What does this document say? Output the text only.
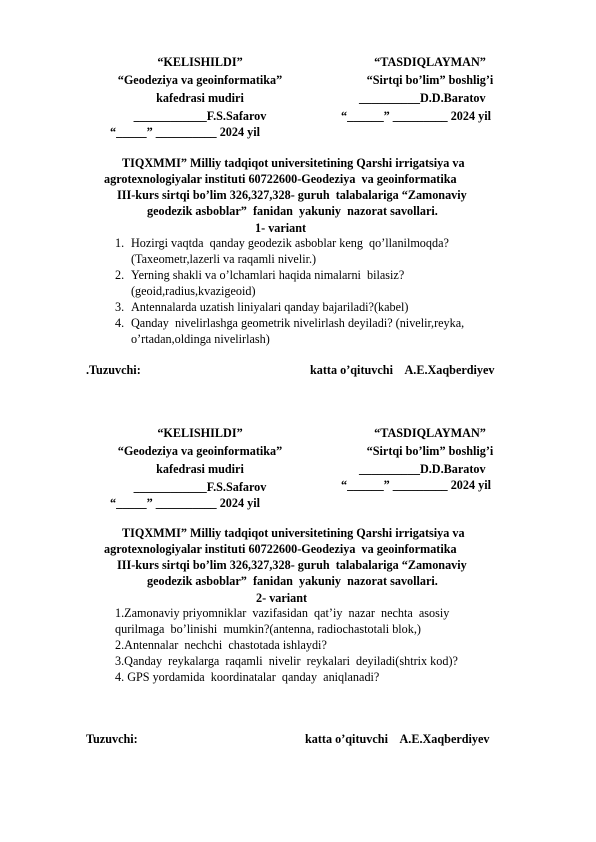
“KELISHILDI”
“Geodeziya va geoinformatika”
kafedrasi mudiri
____________F.S.Safarov
“_____” __________ 2024 yil
“TASDIQLAYMAN”
“Sirtqi bo’lim” boshlig’i
__________D.D.Baratov
“______” _________ 2024 yil
TIQXMMI” Milliy tadqiqot universitetining Qarshi irrigatsiya va
agrotexnologiyalar instituti 60722600-Geodeziya  va geoinformatika
III-kurs sirtqi bo’lim 326,327,328- guruh  talabalariga “Zamonaviy
geodezik asboblar”  fanidan  yakuniy  nazorat savollari.
1- variant
1. Hozirgi vaqtda  qanday geodezik asboblar keng  qo’llanilmoqda?
(Taxeometr,lazerli va raqamli nivelir.)
2. Yerning shakli va o’lchamlari haqida nimalarni  bilasiz?
(geoid,radius,kvazigeoid)
3. Antennalarda uzatish liniyalari qanday bajariladi?(kabel)
4. Qanday  nivelirlashga geometrik nivelirlash deyiladi? (nivelir,reyka,
o’rtadan,oldinga nivelirlash)
.Tuzuvchi:	katta o’qituvchi    A.E.Xaqberdiyev
“KELISHILDI”
“Geodeziya va geoinformatika”
kafedrasi mudiri
____________F.S.Safarov
“_____” __________ 2024 yil
“TASDIQLAYMAN”
“Sirtqi bo’lim” boshlig’i
__________D.D.Baratov
“______” _________ 2024 yil
TIQXMMI” Milliy tadqiqot universitetining Qarshi irrigatsiya va
agrotexnologiyalar instituti 60722600-Geodeziya  va geoinformatika
III-kurs sirtqi bo’lim 326,327,328- guruh  talabalariga “Zamonaviy
geodezik asboblar”  fanidan  yakuniy  nazorat savollari.
2- variant
1.Zamonaviy priyomniklar  vazifasidan  qat’iy  nazar  nechta  asosiy
qurilmaga  bo’linishi  mumkin?(antenna, radiochastotali blok,)
2.Antennalar  nechchi  chastotada ishlaydi?
3.Qanday  reykalarga  raqamli  nivelir  reykalari  deyiladi(shtrix kod)?
4. GPS yordamida  koordinatalar  qanday  aniqlanadi?
Tuzuvchi:	katta o’qituvchi    A.E.Xaqberdiyev
